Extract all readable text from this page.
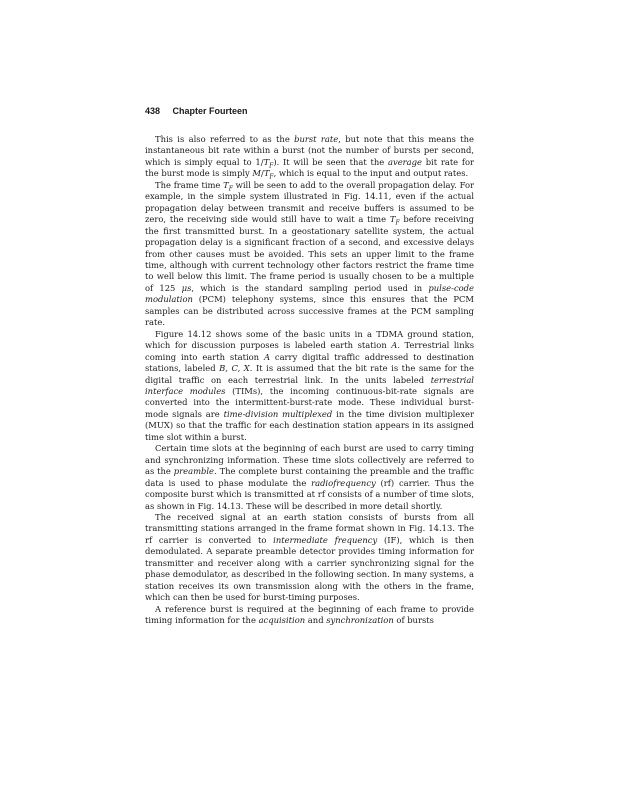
438 Chapter Fourteen

This is also referred to as the burst rate, but note that this means the instantaneous bit rate within a burst (not the number of bursts per second, which is simply equal to $1/T_F$). It will be seen that the average bit rate for the burst mode is simply $M/T_F$, which is equal to the input and output rates.

The frame time $T_F$ will be seen to add to the overall propagation delay. For example, in the simple system illustrated in Fig. 14.11, even if the actual propagation delay between transmit and receive buffers is assumed to be zero, the receiving side would still have to wait a time $T_F$ before receiving the first transmitted burst. In a geostationary satellite system, the actual propagation delay is a significant fraction of a second, and excessive delays from other causes must be avoided. This sets an upper limit to the frame time, although with current technology other factors restrict the frame time to well below this limit. The frame period is usually chosen to be a multiple of 125 μs, which is the standard sampling period used in pulse-code modulation (PCM) telephony systems, since this ensures that the PCM samples can be distributed across successive frames at the PCM sampling rate.

Figure 14.12 shows some of the basic units in a TDMA ground station, which for discussion purposes is labeled earth station A. Terrestrial links coming into earth station A carry digital traffic addressed to destination stations, labeled B, C, X. It is assumed that the bit rate is the same for the digital traffic on each terrestrial link. In the units labeled terrestrial interface modules (TIMs), the incoming continuous-bit-rate signals are converted into the intermittent-burst-rate mode. These individual burst-mode signals are time-division multiplexed in the time division multiplexer (MUX) so that the traffic for each destination station appears in its assigned time slot within a burst.

Certain time slots at the beginning of each burst are used to carry timing and synchronizing information. These time slots collectively are referred to as the preamble. The complete burst containing the preamble and the traffic data is used to phase modulate the radiofrequency (rf) carrier. Thus the composite burst which is transmitted at rf consists of a number of time slots, as shown in Fig. 14.13. These will be described in more detail shortly.

The received signal at an earth station consists of bursts from all transmitting stations arranged in the frame format shown in Fig. 14.13. The rf carrier is converted to intermediate frequency (IF), which is then demodulated. A separate preamble detector provides timing information for transmitter and receiver along with a carrier synchronizing signal for the phase demodulator, as described in the following section. In many systems, a station receives its own transmission along with the others in the frame, which can then be used for burst-timing purposes.

A reference burst is required at the beginning of each frame to provide timing information for the acquisition and synchronization of bursts
